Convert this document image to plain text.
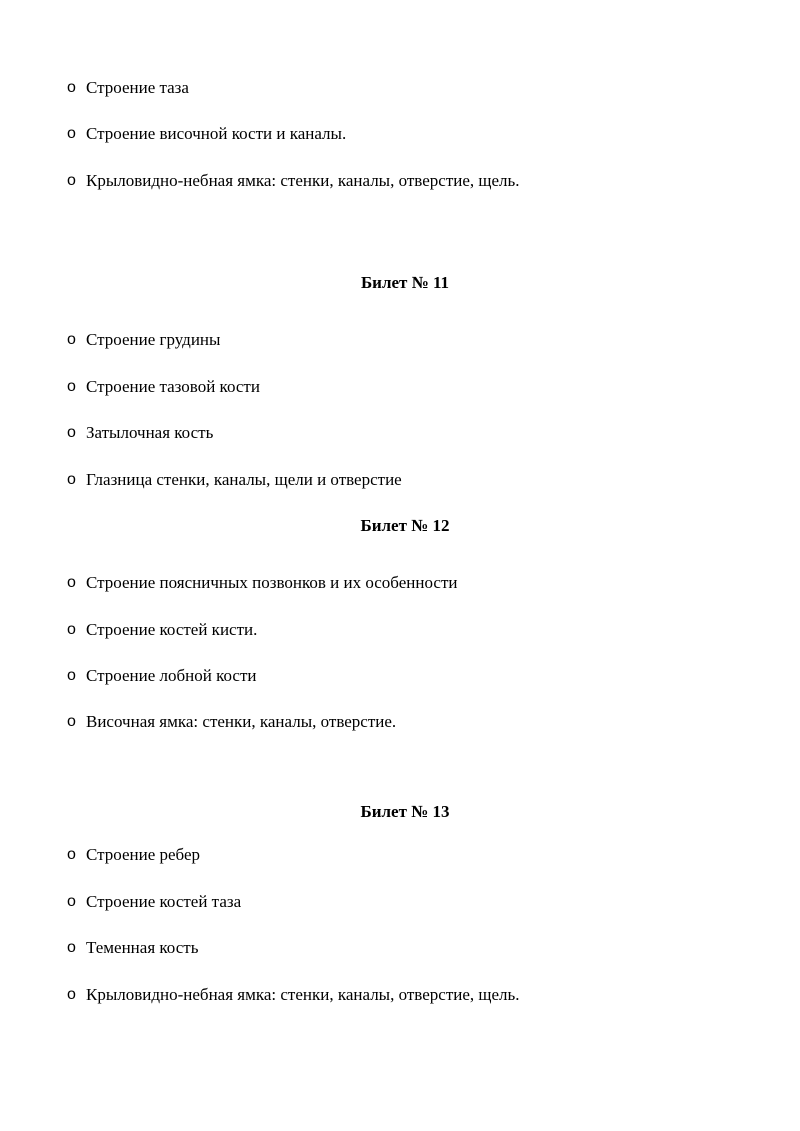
o Строение таза
o Строение височной кости и каналы.
o Крыловидно-небная ямка: стенки, каналы, отверстие, щель.
Билет № 11
o Строение грудины
o Строение тазовой кости
o Затылочная кость
o Глазница стенки, каналы, щели и отверстие
Билет № 12
o Строение поясничных позвонков и их особенности
o Строение костей кисти.
o Строение лобной кости
o Височная ямка: стенки, каналы, отверстие.
Билет № 13
o Строение ребер
o Строение костей таза
o Теменная кость
o Крыловидно-небная ямка: стенки, каналы, отверстие, щель.
